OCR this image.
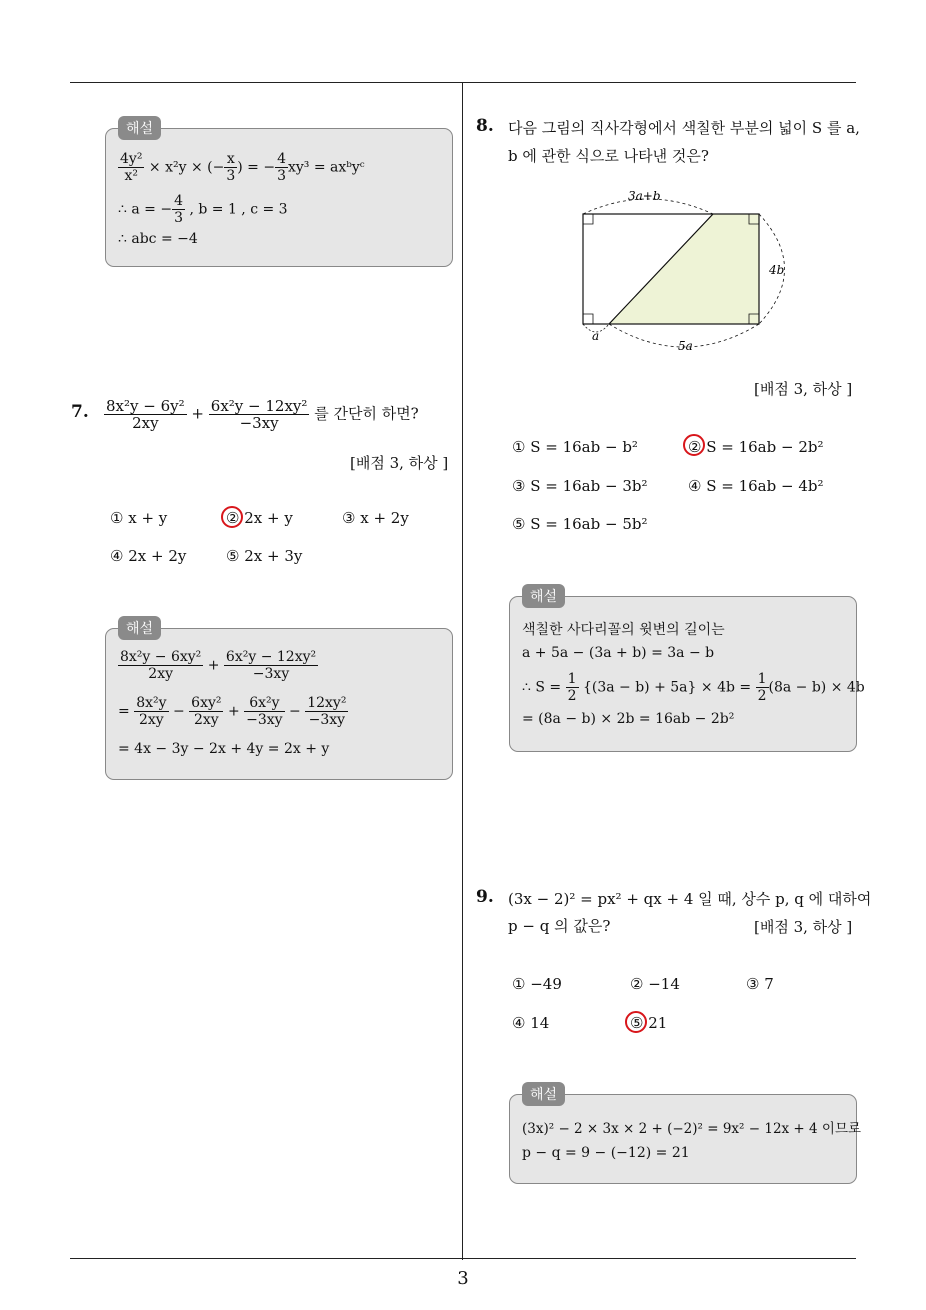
$\frac{\text{4y²}}{\text{x²}} \times x^2y$ × (− $\frac{x}{3}$ ) = − $\frac{4}{3} xy^3$ = axᵇyᶜ
∴ a = − $\frac{4}{3}$ , b = 1 , c = 3
∴ abc = −4
해설
7. $\frac{\text{8x²y − 6y²}}{2xy} + \frac{\text{6x²y − 12xy²}}{-3xy}$ 를 간단히 하면?
[배점 3, 하상 ]
① x + y	② 2x + y	③ x + 2y
④ 2x + 2y	⑤ 2x + 3y
$\frac{\text{8x²y − 6xy²}}{2xy} + \frac{\text{6x²y − 12xy²}}{-3xy}$
= $\frac{\text{8x²y}}{2xy} - \frac{\text{6xy²}}{2xy} + \frac{\text{6x²y}}{-3xy} - \frac{\text{12xy²}}{-3xy}$
= 4x − 3y − 2x + 4y = 2x + y
해설
8. 다음 그림의 직사각형에서 색칠한 부분의 넓이 S 를 a,
b 에 관한 식으로 나타낸 것은?
3a+b
4b
a
5a
[배점 3, 하상 ]
① S = 16ab − b²	② S = 16ab − 2b²
③ S = 16ab − 3b²	④ S = 16ab − 4b²
⑤ S = 16ab − 5b²
색칠한 사다리꼴의 윗변의 길이는
a + 5a − (3a + b) = 3a − b
∴ $S = \frac{1}{2} \{(3a - b) + 5a\} \times 4b = \frac{1}{2} (8a - b) \times 4b$
= (8a − b) × 2b = 16ab − 2b²
해설
9. (3x − 2)² = px² + qx + 4 일 때, 상수 p, q 에 대하여
p − q 의 값은?	[배점 3, 하상 ]
① −49	② −14	③ 7
④ 14	⑤ 21
(3x)² − 2 × 3x × 2 + (−2)² = 9x² − 12x + 4 이므로
p − q = 9 − (−12) = 21
해설
3
